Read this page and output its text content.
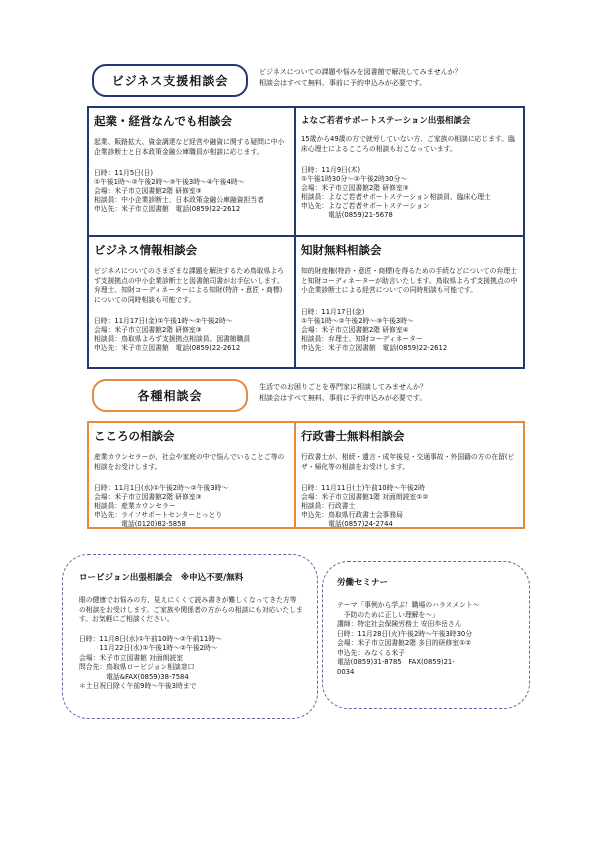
ビジネス支援相談会
ビジネスについての課題や悩みを図書館で解決してみませんか？
相談会はすべて無料、事前に予約申込みが必要です。
起業・経営なんでも相談会
起業、販路拡大、資金調達など経営や融資に関する疑問に中小企業診断士と日本政策金融公庫職員が相談に応じます。
日時：11月5日(日)
①午後1時～②午後2時～③午後3時～④午後4時～
会場：米子市立図書館2階 研修室③
相談員：中小企業診断士、日本政策金融公庫融資担当者
申込先：米子市立図書館　電話(0859)22-2612
よなご若者サポートステーション出張相談会
15歳から49歳の方で就労していない方、ご家族の相談に応じます。臨床心理士によるこころの相談もおこなっています。
日時：11月9日(木)
①午後1時30分～②午後2時30分～
会場：米子市立図書館2階 研修室③
相談員：よなご若者サポートステーション相談員、臨床心理士
申込先：よなご若者サポートステーション
　　　　電話(0859)21-5678
ビジネス情報相談会
ビジネスについてのさまざまな課題を解決するため鳥取県よろず支援拠点の中小企業診断士と図書館司書がお手伝いします。弁理士、知財コーディネーターによる知財(特許・意匠・商標)についての同時相談も可能です。
日時：11月17日(金)①午後1時～②午後2時～
会場：米子市立図書館2階 研修室③
相談員：鳥取県よろず支援拠点相談員、図書館職員
申込先：米子市立図書館　電話(0859)22-2612
知財無料相談会
知的財産権(特許・意匠・商標)を得るための手続などについての弁理士と知財コーディネーターが助言いたします。鳥取県よろず支援拠点の中小企業診断士による経営についての同時相談も可能です。
日時：11月17日(金)
①午後1時～②午後2時～③午後3時～
会場：米子市立図書館2階 研修室④
相談員：弁理士、知財コーディネーター
申込先：米子市立図書館　電話(0859)22-2612
各種相談会
生活でのお困りごとを専門家に相談してみませんか？
相談会はすべて無料、事前に予約申込みが必要です。
こころの相談会
産業カウンセラーが、社会や家庭の中で悩んでいることご等の相談をお受けします。
日時：11月1日(水)①午後2時～②午後3時～
会場：米子市立図書館2階 研修室③
相談員：産業カウンセラー
申込先：ライフサポートセンターとっとり
　　　　電話(0120)82-5858
行政書士無料相談会
行政書士が、相続・遺言・成年後見・交通事故・外国籍の方の在留(ビザ・帰化等の相談をお受けします。
日時：11月11日(土)午前10時～午後2時
会場：米子市立図書館1階 対面朗読室①②
相談員：行政書士
申込先：鳥取県行政書士会事務局
　　　　電話(0857)24-2744
ロービジョン出張相談会　※申込不要/無料
眼の健康でお悩みの方、見えにくくて読み書きが難しくなってきた方等の相談をお受けします。ご家族や関係者の方からの相談にも対応いたします。お気軽にご相談ください。
日時：11月8日(水)①午前10時～②午前11時～
　　　11月22日(水)①午後1時～②午後2時～
会場：米子市立図書館 対面朗読室
問合先：鳥取県ロービジョン相談窓口
　　　　電話&FAX(0859)38-7584
＊土日祝日除く午前9時～午後3時まで
労働セミナー
テーマ「事例から学ぶ！職場のハラスメント～
　予防のために正しい理解を～」
講師：特定社会保険労務士 安田歩岳さん
日時：11月28日(火)午後2時～午後3時30分
会場：米子市立図書館2階 多目的研修室①②
申込先：みなくる米子
電話(0859)31-8785　FAX(0859)21-
0034
